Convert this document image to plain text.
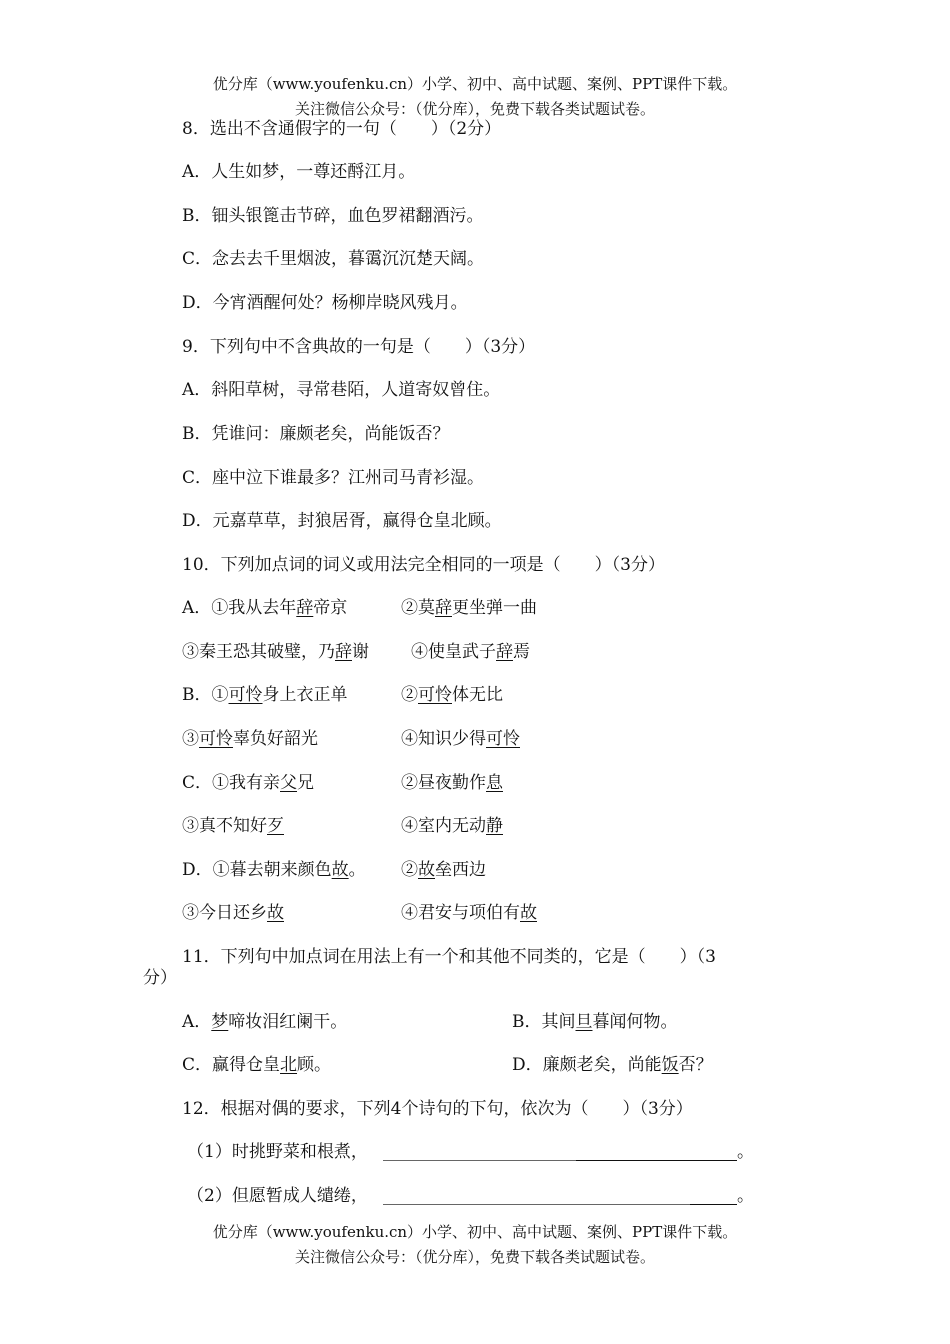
优分库（www.youfenku.cn）小学、初中、高中试题、案例、PPT课件下载。
关注微信公众号：（优分库），免费下载各类试题试卷。
8．选出不含通假字的一句（　　）（2分）
A．人生如梦，一尊还酹江月。
B．钿头银篦击节碎，血色罗裙翻酒污。
C．念去去千里烟波，暮霭沉沉楚天阔。
D．今宵酒醒何处？杨柳岸晓风残月。
9．下列句中不含典故的一句是（　　）（3分）
A．斜阳草树，寻常巷陌，人道寄奴曾住。
B．凭谁问：廉颇老矣，尚能饭否？
C．座中泣下谁最多？江州司马青衫湿。
D．元嘉草草，封狼居胥，赢得仓皇北顾。
10．下列加点词的词义或用法完全相同的一项是（　　）（3分）
A．①我从去年辞帝京	②莫辞更坐弹一曲
③秦王恐其破璧，乃辞谢 ④使皇武子辞焉
B．①可怜身上衣正单	②可怜体无比
③可怜辜负好韶光	④知识少得可怜
C．①我有亲父兄	②昼夜勤作息
③真不知好歹	④室内无动静
D．①暮去朝来颜色故。 ②故垒西边
③今日还乡故	④君安与项伯有故
11．下列句中加点词在用法上有一个和其他不同类的，它是（　　）（3
分）
A．梦啼妆泪红阑干。	B．其间旦暮闻何物。
C．赢得仓皇北顾。	D．廉颇老矣，尚能饭否？
12．根据对偶的要求，下列4个诗句的下句，依次为（　　）（3分）
（1）时挑野菜和根煮，	。
（2）但愿暂成人缱绻，	。
优分库（www.youfenku.cn）小学、初中、高中试题、案例、PPT课件下载。
关注微信公众号：（优分库），免费下载各类试题试卷。
